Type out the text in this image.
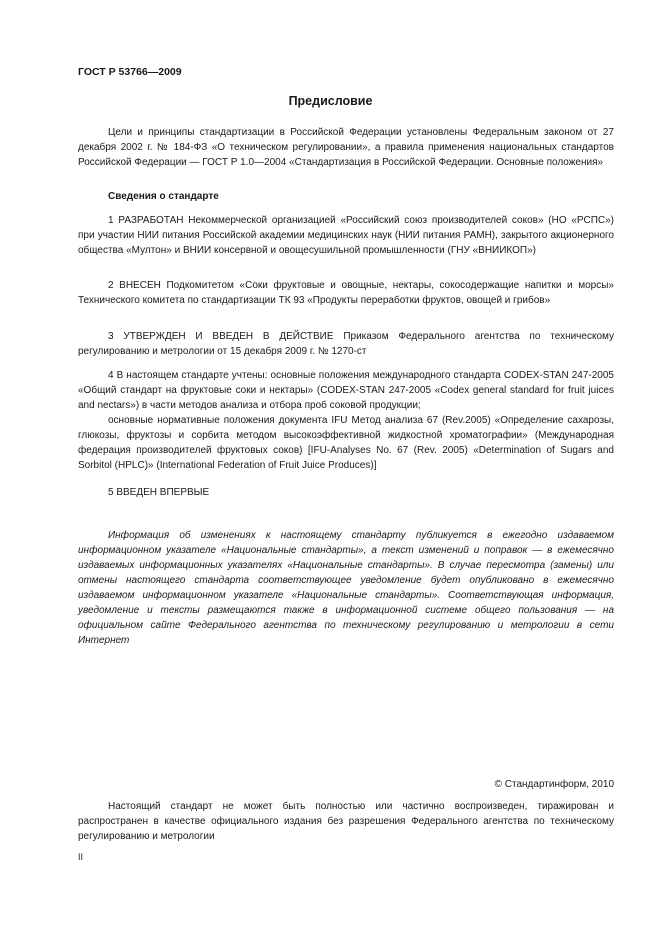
ГОСТ Р 53766—2009
Предисловие

Цели и принципы стандартизации в Российской Федерации установлены Федеральным законом от 27 декабря 2002 г. № 184-ФЗ «О техническом регулировании», а правила применения национальных стандартов Российской Федерации — ГОСТ Р 1.0—2004 «Стандартизация в Российской Федерации. Основные положения»

Сведения о стандарте

1 РАЗРАБОТАН Некоммерческой организацией «Российский союз производителей соков» (НО «РСПС») при участии НИИ питания Российской академии медицинских наук (НИИ питания РАМН), закрытого акционерного общества «Мултон» и ВНИИ консервной и овощесушильной промышленности (ГНУ «ВНИИКОП»)

2 ВНЕСЕН Подкомитетом «Соки фруктовые и овощные, нектары, сокосодержащие напитки и морсы» Технического комитета по стандартизации ТК 93 «Продукты переработки фруктов, овощей и грибов»

3 УТВЕРЖДЕН И ВВЕДЕН В ДЕЙСТВИЕ Приказом Федерального агентства по техническому регулированию и метрологии от 15 декабря 2009 г. № 1270-ст

4 В настоящем стандарте учтены: основные положения международного стандарта CODEX-STAN 247-2005 «Общий стандарт на фруктовые соки и нектары» (CODEX-STAN 247-2005 «Codex general standard for fruit juices and nectars») в части методов анализа и отбора проб соковой продукции;

основные нормативные положения документа IFU Метод анализа 67 (Rev.2005) «Определение сахарозы, глюкозы, фруктозы и сорбита методом высокоэффективной жидкостной хроматографии» (Международная федерация производителей фруктовых соков) [IFU-Analyses No. 67 (Rev. 2005) «Determination of Sugars and Sorbitol (HPLC)» (International Federation of Fruit Juice Produces)]

5 ВВЕДЕН ВПЕРВЫЕ

Информация об изменениях к настоящему стандарту публикуется в ежегодно издаваемом информационном указателе «Национальные стандарты», а текст изменений и поправок — в ежемесячно издаваемых информационных указателях «Национальные стандарты». В случае пересмотра (замены) или отмены настоящего стандарта соответствующее уведомление будет опубликовано в ежемесячно издаваемом информационном указателе «Национальные стандарты». Соответствующая информация, уведомление и тексты размещаются также в информационной системе общего пользования — на официальном сайте Федерального агентства по техническому регулированию и метрологии в сети Интернет

© Стандартинформ, 2010

Настоящий стандарт не может быть полностью или частично воспроизведен, тиражирован и распространен в качестве официального издания без разрешения Федерального агентства по техническому регулированию и метрологии

II
